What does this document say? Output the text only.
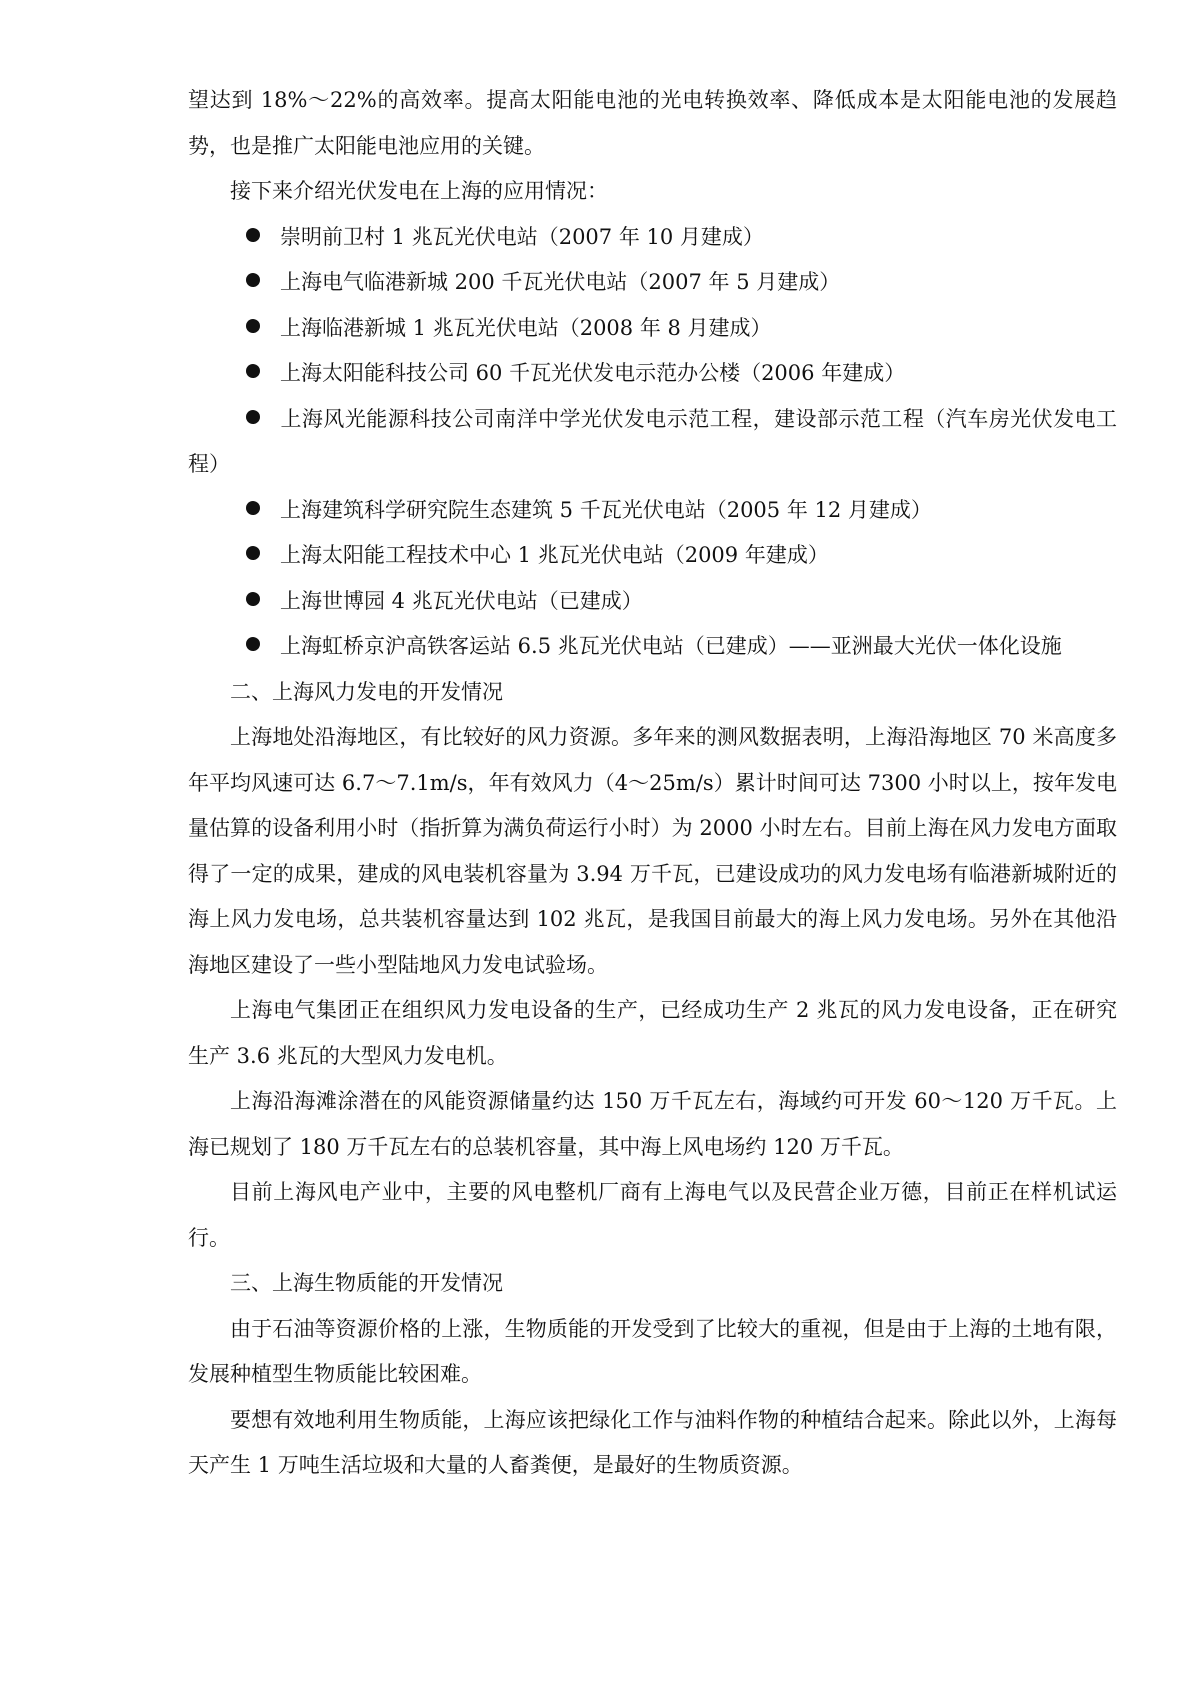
望达到 18%～22%的高效率。提高太阳能电池的光电转换效率、降低成本是太阳能电池的发展趋势，也是推广太阳能电池应用的关键。

接下来介绍光伏发电在上海的应用情况：

崇明前卫村 1 兆瓦光伏电站（2007 年 10 月建成）
上海电气临港新城 200 千瓦光伏电站（2007 年 5 月建成）
上海临港新城 1 兆瓦光伏电站（2008 年 8 月建成）
上海太阳能科技公司 60 千瓦光伏发电示范办公楼（2006 年建成）
上海风光能源科技公司南洋中学光伏发电示范工程，建设部示范工程（汽车房光伏发电工程）
上海建筑科学研究院生态建筑 5 千瓦光伏电站（2005 年 12 月建成）
上海太阳能工程技术中心 1 兆瓦光伏电站（2009 年建成）
上海世博园 4 兆瓦光伏电站（已建成）
上海虹桥京沪高铁客运站 6.5 兆瓦光伏电站（已建成）——亚洲最大光伏一体化设施

二、上海风力发电的开发情况

上海地处沿海地区，有比较好的风力资源。多年来的测风数据表明，上海沿海地区 70 米高度多年平均风速可达 6.7～7.1m/s，年有效风力（4～25m/s）累计时间可达 7300 小时以上，按年发电量估算的设备利用小时（指折算为满负荷运行小时）为 2000 小时左右。目前上海在风力发电方面取得了一定的成果，建成的风电装机容量为 3.94 万千瓦，已建设成功的风力发电场有临港新城附近的海上风力发电场，总共装机容量达到 102 兆瓦，是我国目前最大的海上风力发电场。另外在其他沿海地区建设了一些小型陆地风力发电试验场。

上海电气集团正在组织风力发电设备的生产，已经成功生产 2 兆瓦的风力发电设备，正在研究生产 3.6 兆瓦的大型风力发电机。

上海沿海滩涂潜在的风能资源储量约达 150 万千瓦左右，海域约可开发 60～120 万千瓦。上海已规划了 180 万千瓦左右的总装机容量，其中海上风电场约 120 万千瓦。

目前上海风电产业中，主要的风电整机厂商有上海电气以及民营企业万德，目前正在样机试运行。

三、上海生物质能的开发情况

由于石油等资源价格的上涨，生物质能的开发受到了比较大的重视，但是由于上海的土地有限，发展种植型生物质能比较困难。

要想有效地利用生物质能，上海应该把绿化工作与油料作物的种植结合起来。除此以外，上海每天产生 1 万吨生活垃圾和大量的人畜粪便，是最好的生物质资源。
